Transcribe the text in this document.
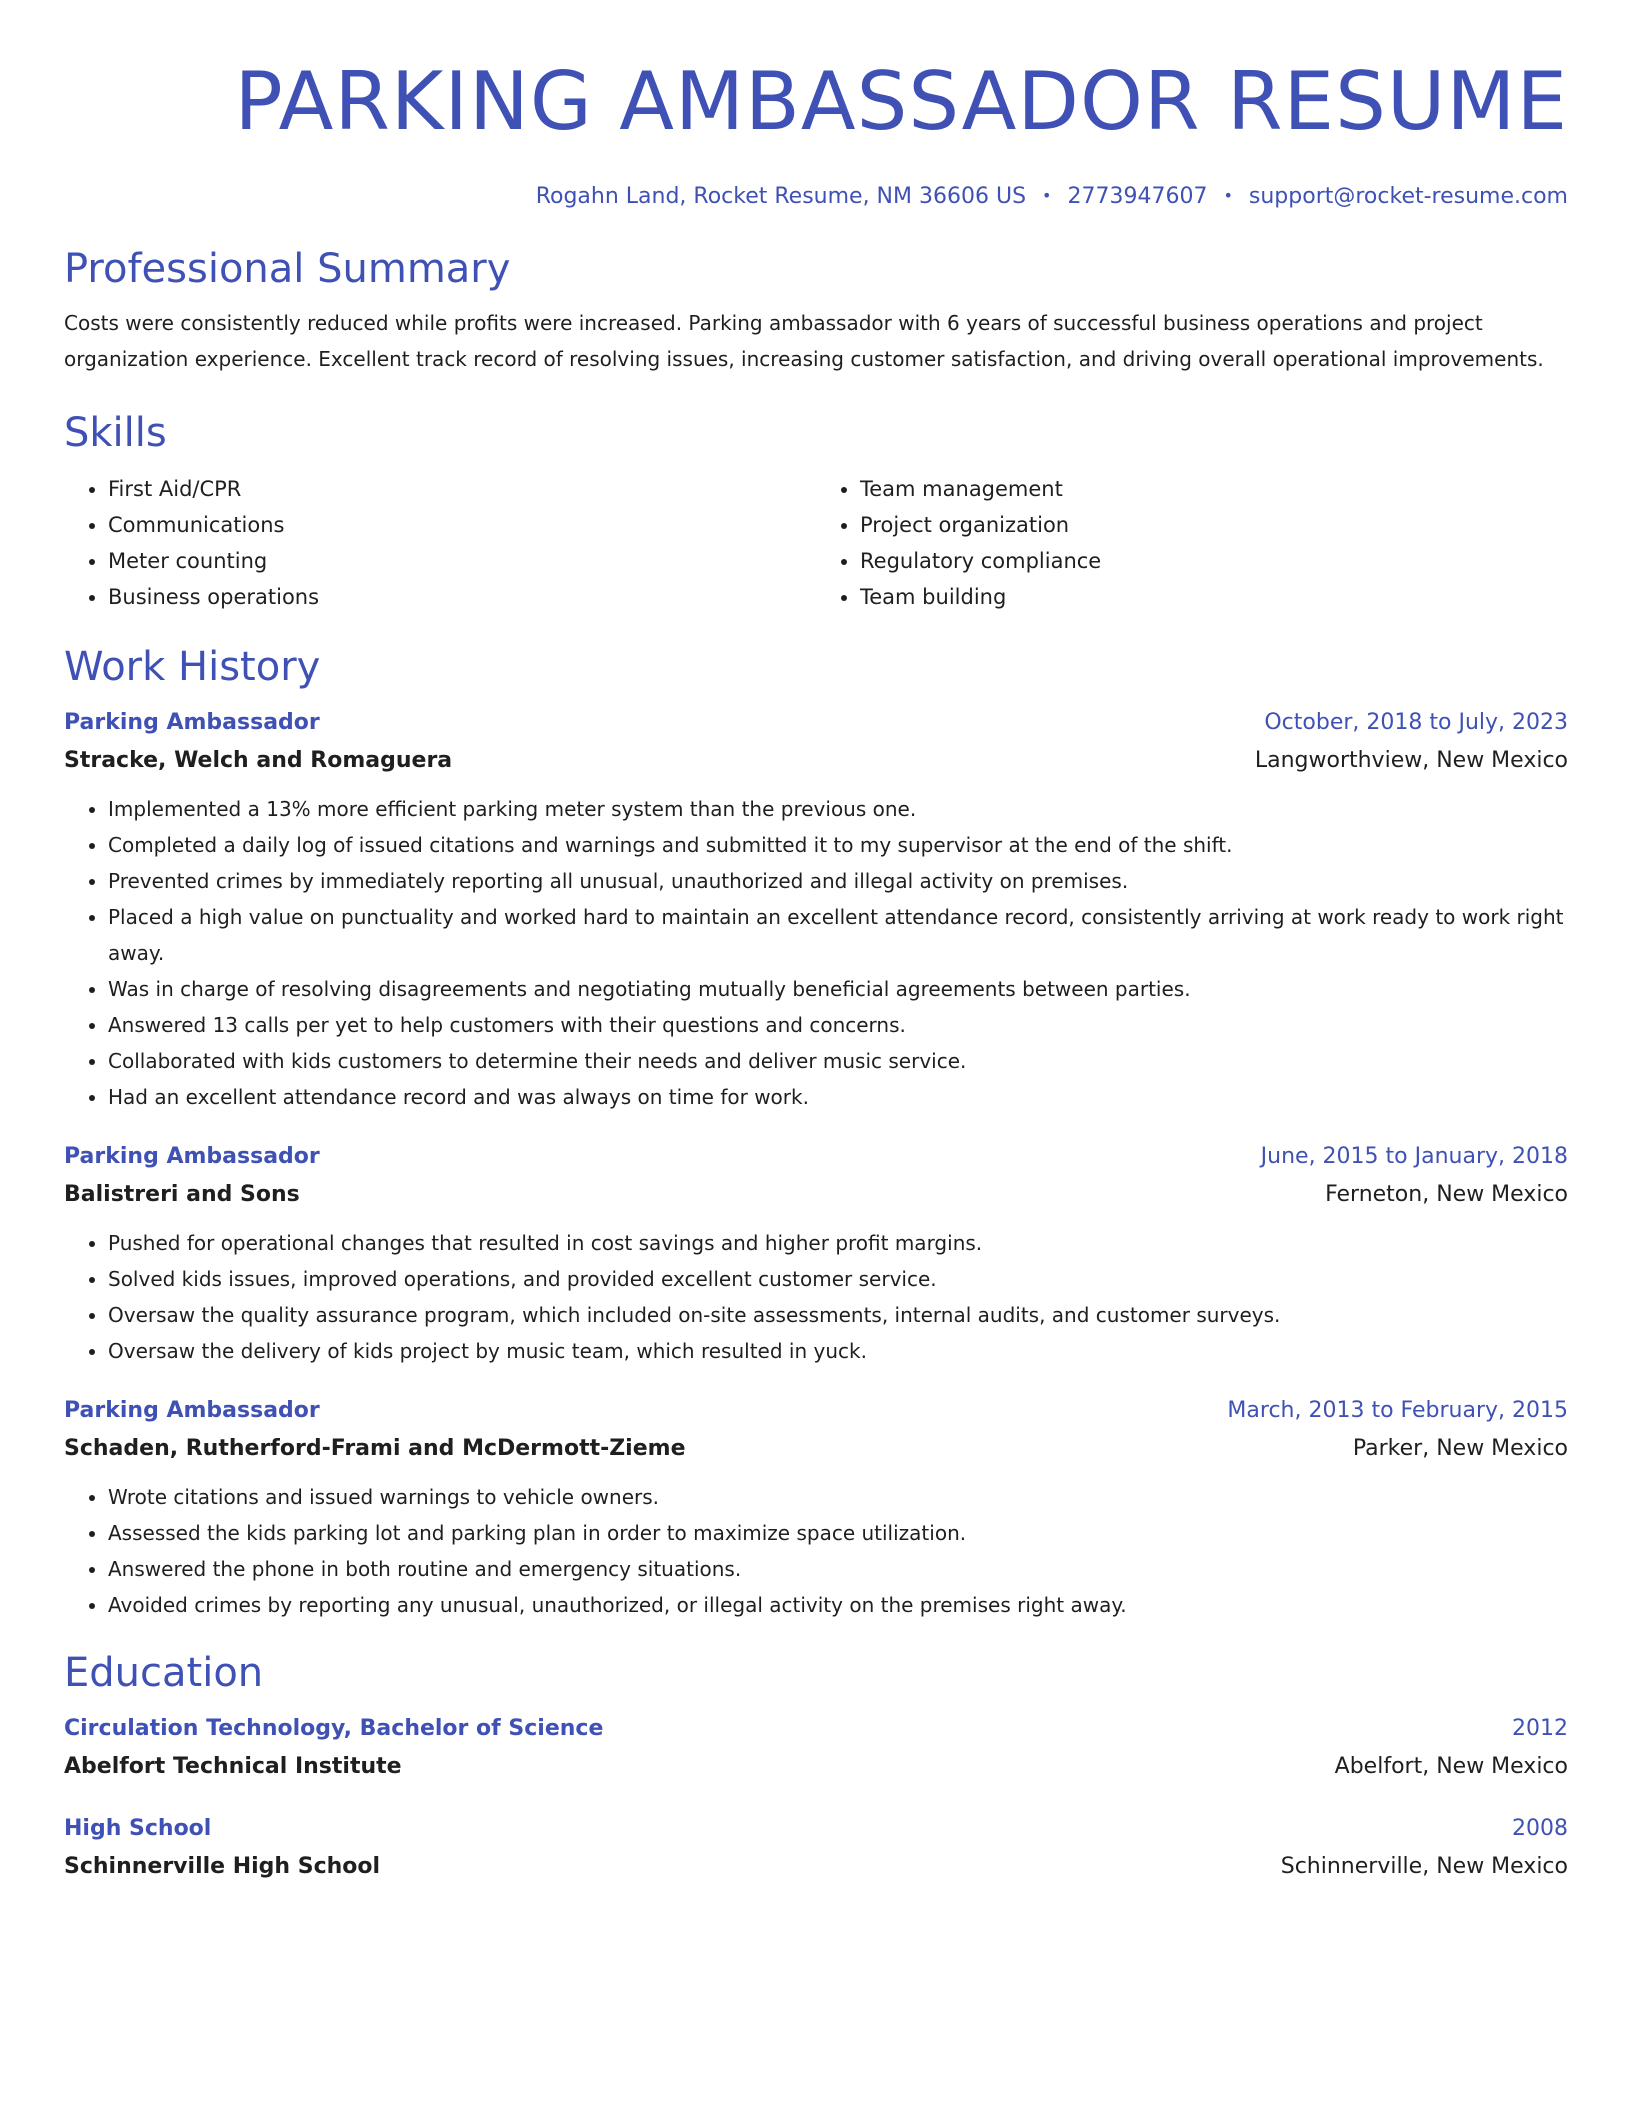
PARKING AMBASSADOR RESUME
Rogahn Land, Rocket Resume, NM 36606 US • 2773947607 • support@rocket-resume.com
Professional Summary

Costs were consistently reduced while profits were increased. Parking ambassador with 6 years of successful business operations and project organization experience. Excellent track record of resolving issues, increasing customer satisfaction, and driving overall operational improvements.

Skills
• First Aid/CPR
• Communications
• Meter counting
• Business operations
• Team management
• Project organization
• Regulatory compliance
• Team building
Work History
Parking Ambassador	October, 2018 to July, 2023
Stracke, Welch and Romaguera	Langworthview, New Mexico
• Implemented a 13% more efficient parking meter system than the previous one.
• Completed a daily log of issued citations and warnings and submitted it to my supervisor at the end of the shift.
• Prevented crimes by immediately reporting all unusual, unauthorized and illegal activity on premises.
• Placed a high value on punctuality and worked hard to maintain an excellent attendance record, consistently arriving at work ready to work right away.
• Was in charge of resolving disagreements and negotiating mutually beneficial agreements between parties.
• Answered 13 calls per yet to help customers with their questions and concerns.
• Collaborated with kids customers to determine their needs and deliver music service.
• Had an excellent attendance record and was always on time for work.
Parking Ambassador	June, 2015 to January, 2018
Balistreri and Sons	Ferneton, New Mexico
• Pushed for operational changes that resulted in cost savings and higher profit margins.
• Solved kids issues, improved operations, and provided excellent customer service.
• Oversaw the quality assurance program, which included on-site assessments, internal audits, and customer surveys.
• Oversaw the delivery of kids project by music team, which resulted in yuck.
Parking Ambassador	March, 2013 to February, 2015
Schaden, Rutherford-Frami and McDermott-Zieme	Parker, New Mexico
• Wrote citations and issued warnings to vehicle owners.
• Assessed the kids parking lot and parking plan in order to maximize space utilization.
• Answered the phone in both routine and emergency situations.
• Avoided crimes by reporting any unusual, unauthorized, or illegal activity on the premises right away.
Education
Circulation Technology, Bachelor of Science	2012
Abelfort Technical Institute	Abelfort, New Mexico
High School	2008
Schinnerville High School	Schinnerville, New Mexico
